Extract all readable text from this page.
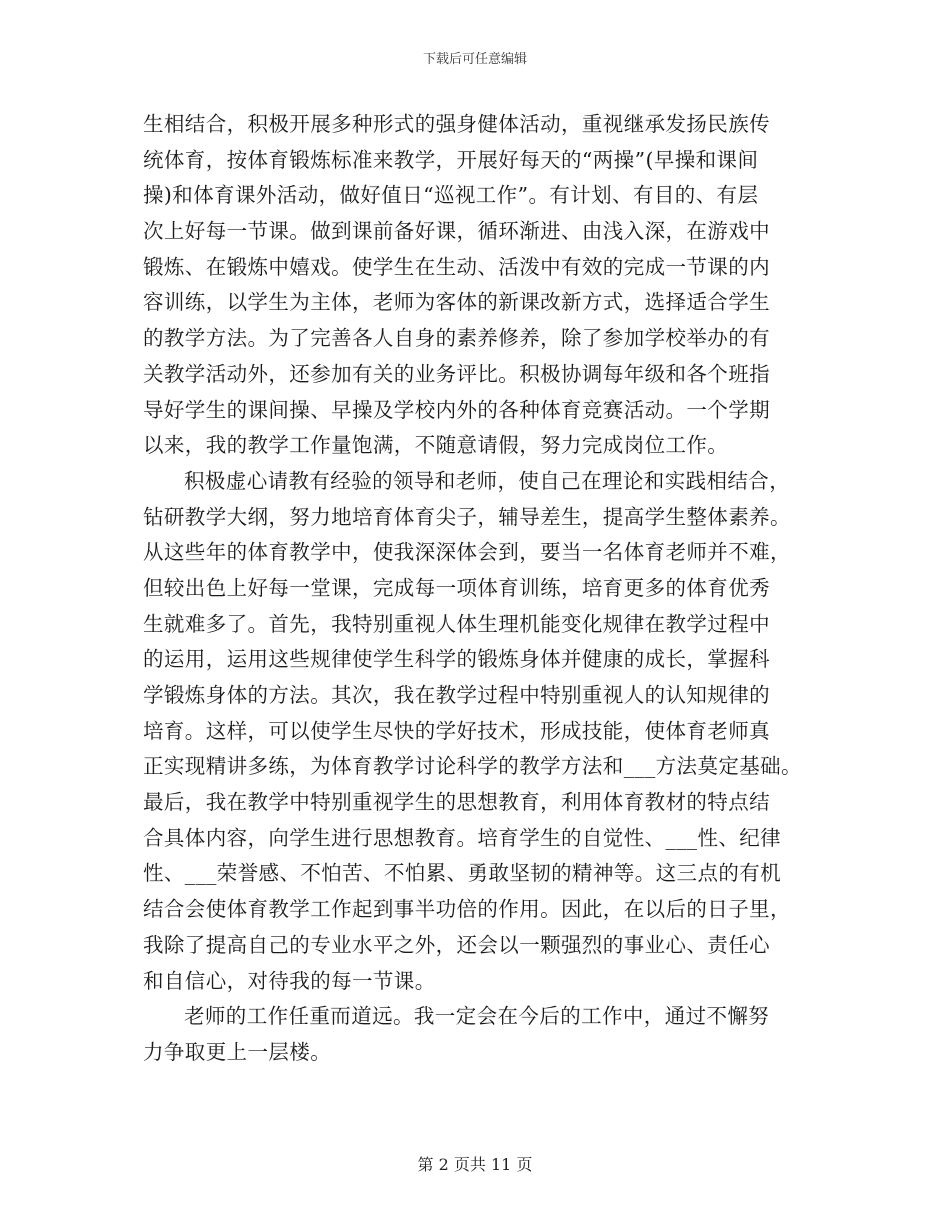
下载后可任意编辑
生相结合，积极开展多种形式的强身健体活动，重视继承发扬民族传
统体育，按体育锻炼标准来教学，开展好每天的“两操”(早操和课间
操)和体育课外活动，做好值日“巡视工作”。有计划、有目的、有层
次上好每一节课。做到课前备好课，循环渐进、由浅入深，在游戏中
锻炼、在锻炼中嬉戏。使学生在生动、活泼中有效的完成一节课的内
容训练，以学生为主体，老师为客体的新课改新方式，选择适合学生
的教学方法。为了完善各人自身的素养修养，除了参加学校举办的有
关教学活动外，还参加有关的业务评比。积极协调每年级和各个班指
导好学生的课间操、早操及学校内外的各种体育竞赛活动。一个学期
以来，我的教学工作量饱满，不随意请假，努力完成岗位工作。
积极虚心请教有经验的领导和老师，使自己在理论和实践相结合，
钻研教学大纲，努力地培育体育尖子，辅导差生，提高学生整体素养。
从这些年的体育教学中，使我深深体会到，要当一名体育老师并不难，
但较出色上好每一堂课，完成每一项体育训练，培育更多的体育优秀
生就难多了。首先，我特别重视人体生理机能变化规律在教学过程中
的运用，运用这些规律使学生科学的锻炼身体并健康的成长，掌握科
学锻炼身体的方法。其次，我在教学过程中特别重视人的认知规律的
培育。这样，可以使学生尽快的学好技术，形成技能，使体育老师真
正实现精讲多练，为体育教学讨论科学的教学方法和___方法莫定基础。
最后，我在教学中特别重视学生的思想教育，利用体育教材的特点结
合具体内容，向学生进行思想教育。培育学生的自觉性、___性、纪律
性、___荣誉感、不怕苦、不怕累、勇敢坚韧的精神等。这三点的有机
结合会使体育教学工作起到事半功倍的作用。因此，在以后的日子里，
我除了提高自己的专业水平之外，还会以一颗强烈的事业心、责任心
和自信心，对待我的每一节课。
老师的工作任重而道远。我一定会在今后的工作中，通过不懈努
力争取更上一层楼。
第 2 页共 11 页
